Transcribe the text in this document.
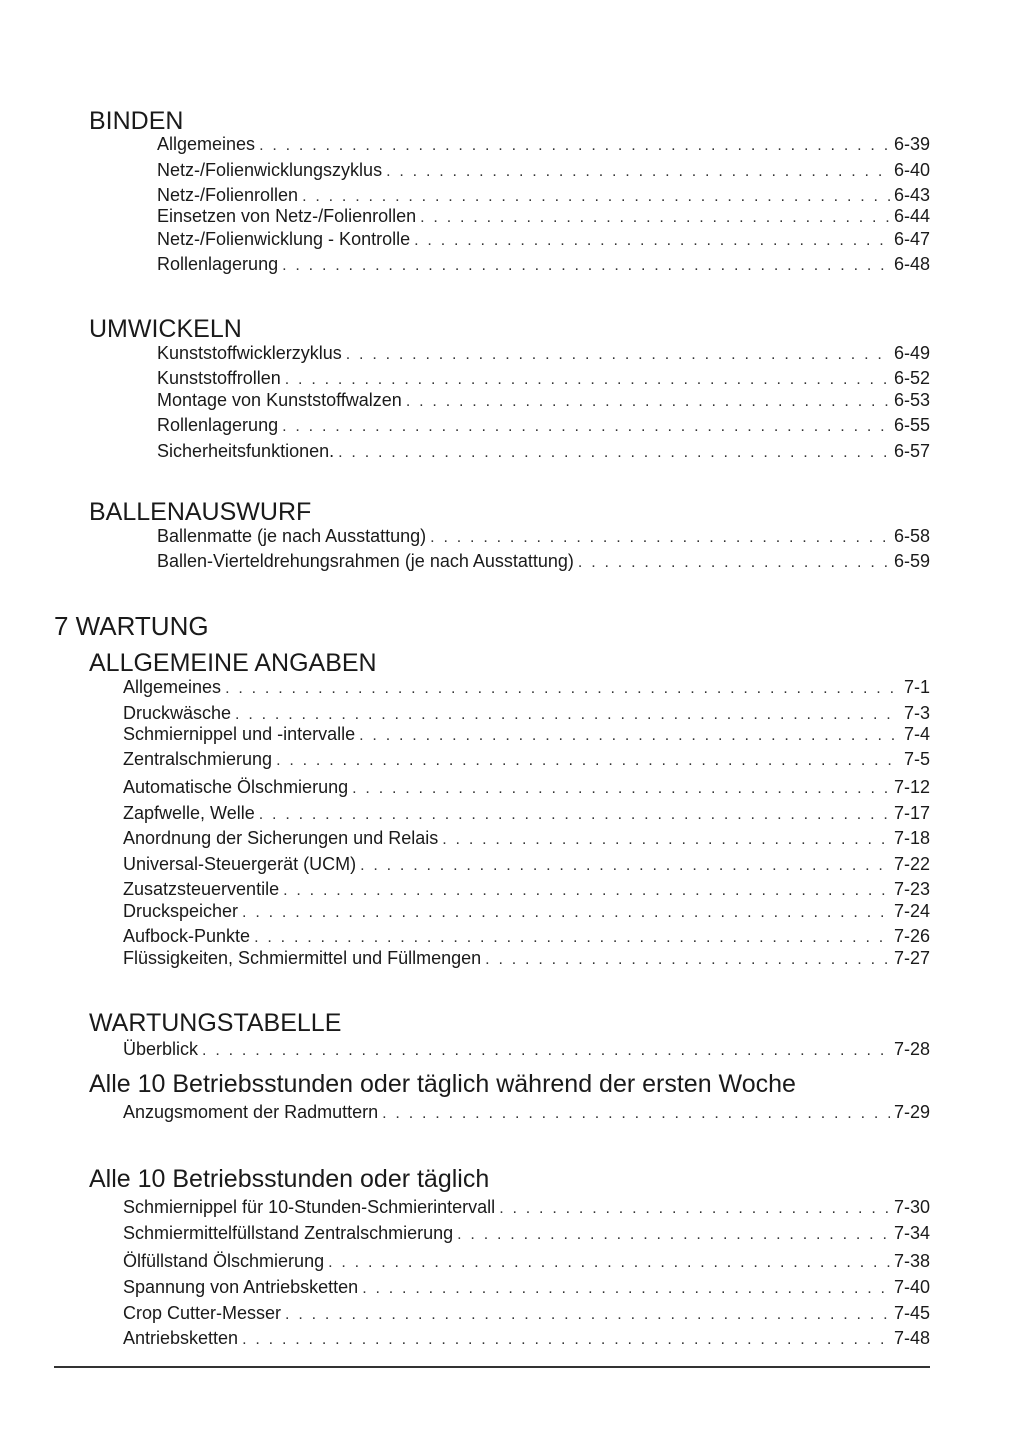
BINDEN
Allgemeines . . .	6-39
Netz-/Folienwicklungszyklus . . .	6-40
Netz-/Folienrollen . . .	6-43
Einsetzen von Netz-/Folienrollen . . .	6-44
Netz-/Folienwicklung - Kontrolle . . .	6-47
Rollenlagerung . . .	6-48
UMWICKELN
Kunststoffwicklerzyklus . . .	6-49
Kunststoffrollen . . .	6-52
Montage von Kunststoffwalzen . . .	6-53
Rollenlagerung . . .	6-55
Sicherheitsfunktionen. . . .	6-57
BALLENAUSWURF
Ballenmatte (je nach Ausstattung) . . .	6-58
Ballen-Vierteldrehungsrahmen (je nach Ausstattung) . . .	6-59
7 WARTUNG
ALLGEMEINE ANGABEN
Allgemeines . . .	7-1
Druckwäsche . . .	7-3
Schmiernippel und -intervalle . . .	7-4
Zentralschmierung . . .	7-5
Automatische Ölschmierung . . .	7-12
Zapfwelle, Welle . . .	7-17
Anordnung der Sicherungen und Relais . . .	7-18
Universal-Steuergerät (UCM) . . .	7-22
Zusatzsteuerventile . . .	7-23
Druckspeicher . . .	7-24
Aufbock-Punkte . . .	7-26
Flüssigkeiten, Schmiermittel und Füllmengen . . .	7-27
WARTUNGSTABELLE
Überblick . . .	7-28
Alle 10 Betriebsstunden oder täglich während der ersten Woche
Anzugsmoment der Radmuttern . . .	7-29
Alle 10 Betriebsstunden oder täglich
Schmiernippel für 10-Stunden-Schmierintervall . . .	7-30
Schmiermittelfüllstand Zentralschmierung . . .	7-34
Ölfüllstand Ölschmierung . . .	7-38
Spannung von Antriebsketten . . .	7-40
Crop Cutter-Messer . . .	7-45
Antriebsketten . . .	7-48
